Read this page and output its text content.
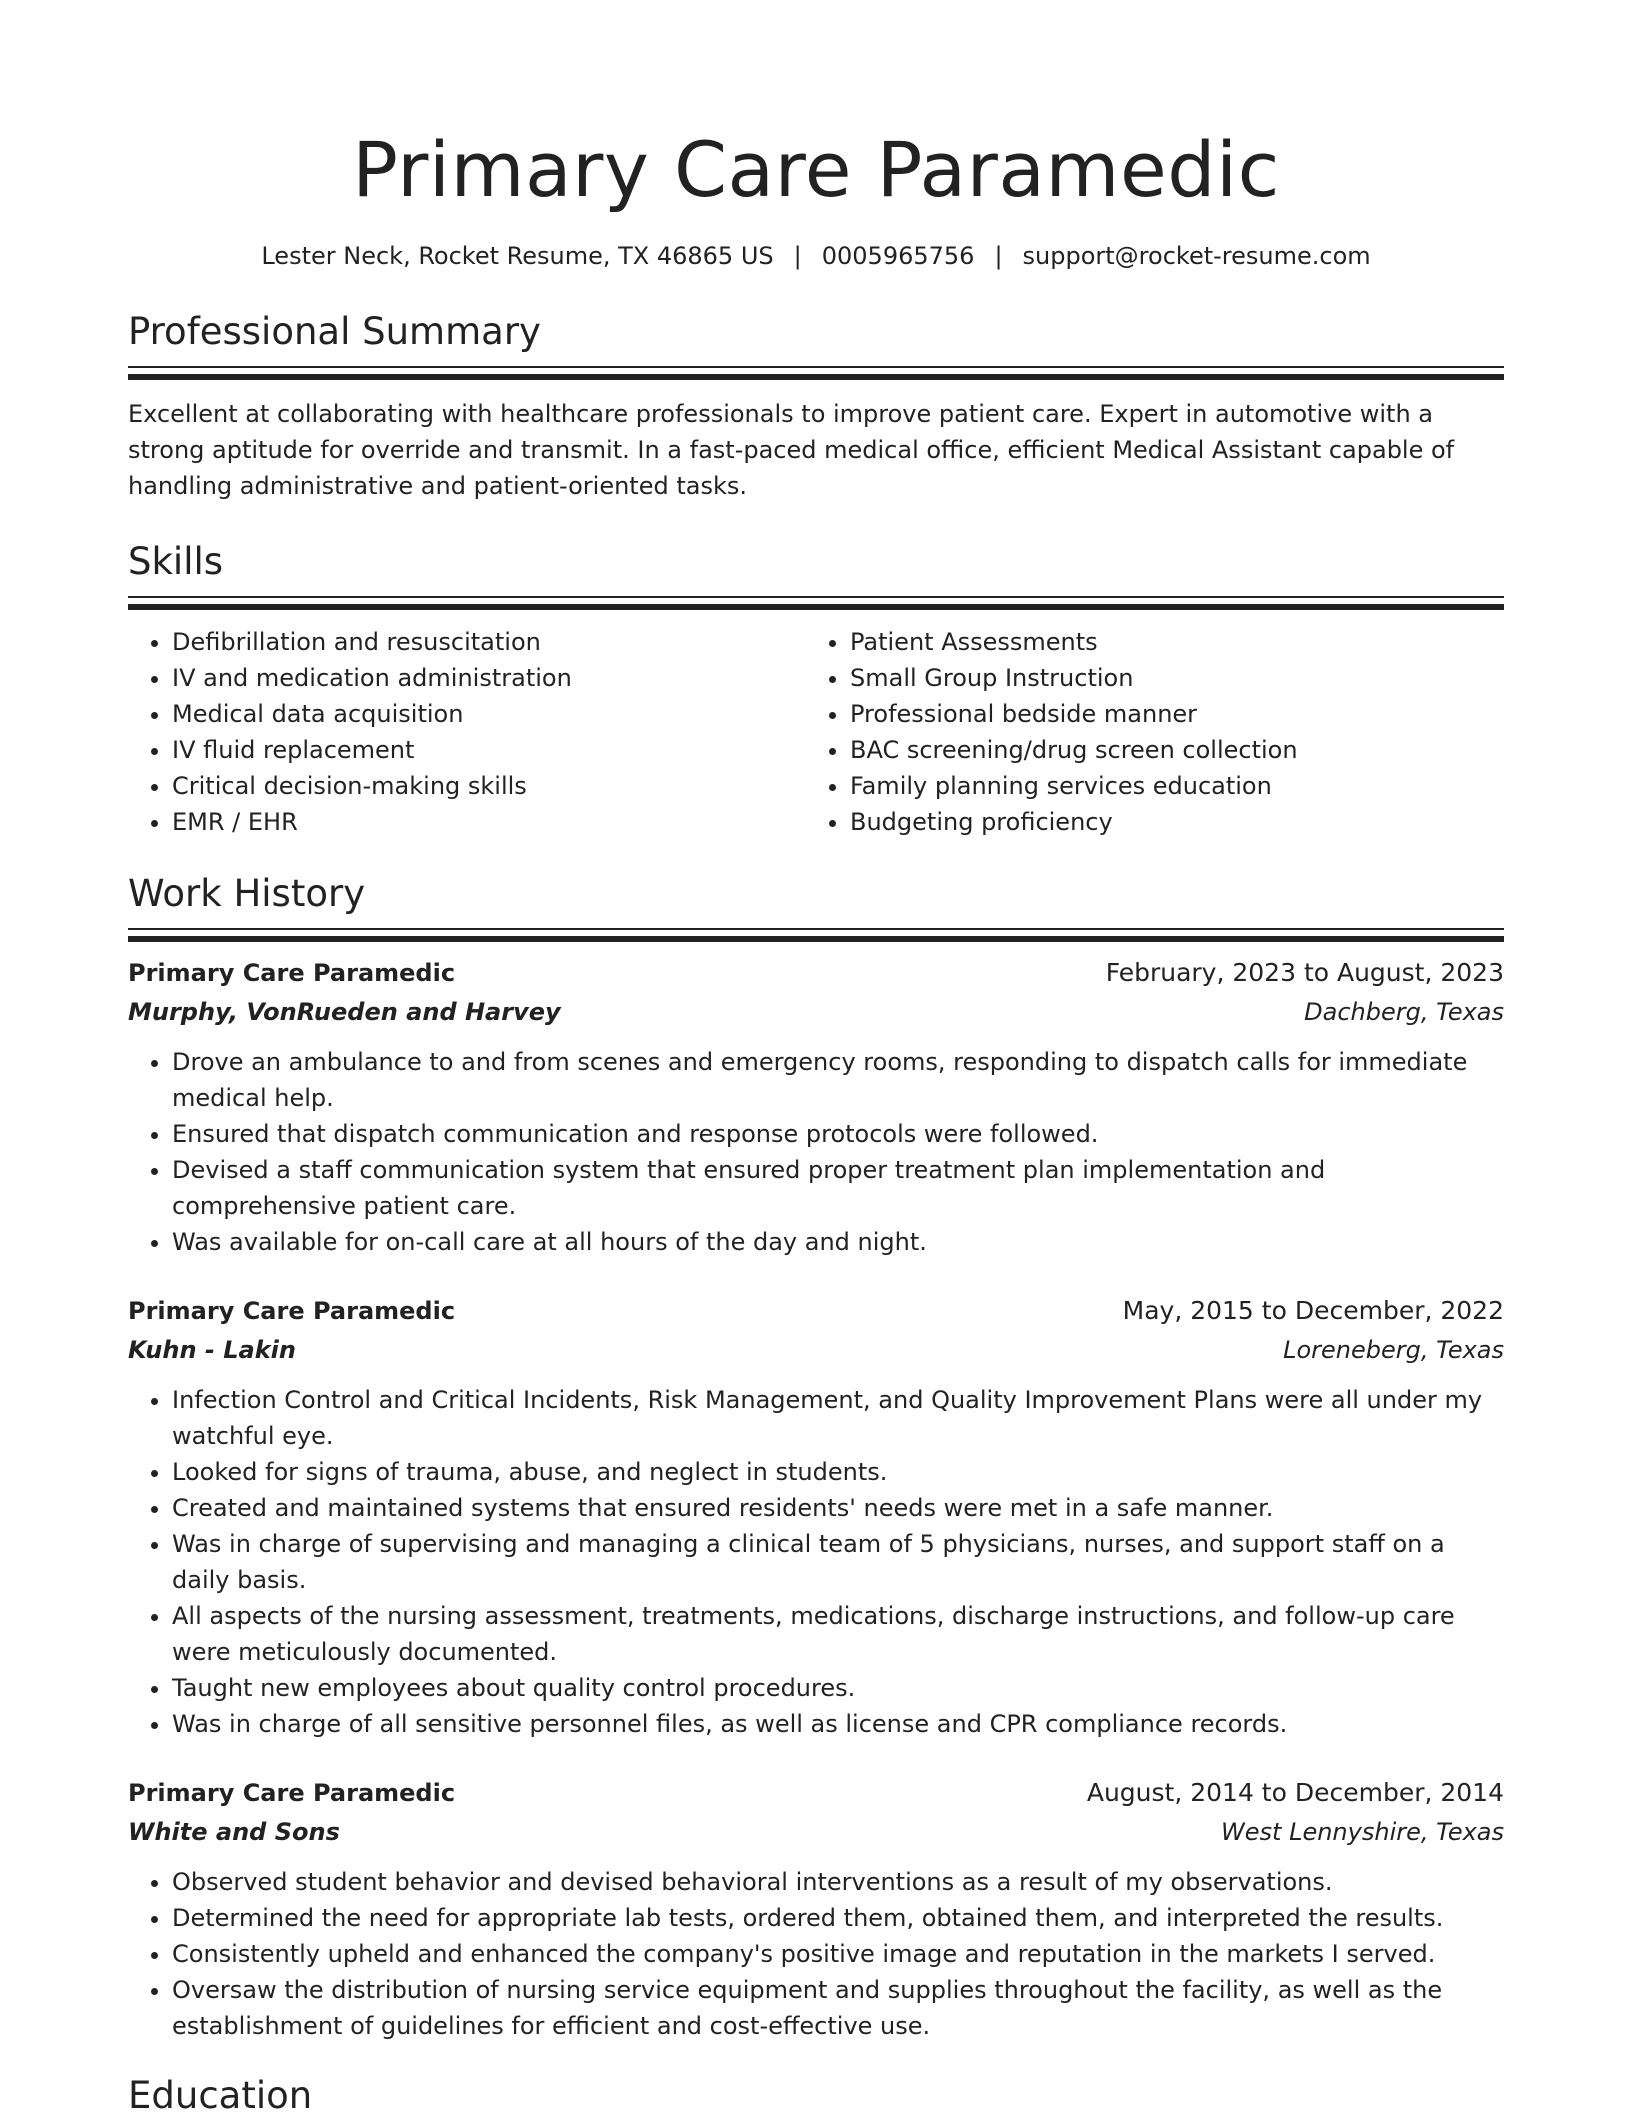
Primary Care Paramedic
Lester Neck, Rocket Resume, TX 46865 US | 0005965756 | support@rocket-resume.com
Professional Summary
Excellent at collaborating with healthcare professionals to improve patient care. Expert in automotive with a strong aptitude for override and transmit. In a fast-paced medical office, efficient Medical Assistant capable of handling administrative and patient-oriented tasks.
Skills
• Defibrillation and resuscitation
• IV and medication administration
• Medical data acquisition
• IV fluid replacement
• Critical decision-making skills
• EMR / EHR
• Patient Assessments
• Small Group Instruction
• Professional bedside manner
• BAC screening/drug screen collection
• Family planning services education
• Budgeting proficiency
Work History
Primary Care Paramedic	February, 2023 to August, 2023
Murphy, VonRueden and Harvey	Dachberg, Texas
• Drove an ambulance to and from scenes and emergency rooms, responding to dispatch calls for immediate medical help.
• Ensured that dispatch communication and response protocols were followed.
• Devised a staff communication system that ensured proper treatment plan implementation and comprehensive patient care.
• Was available for on-call care at all hours of the day and night.
Primary Care Paramedic	May, 2015 to December, 2022
Kuhn - Lakin	Loreneberg, Texas
• Infection Control and Critical Incidents, Risk Management, and Quality Improvement Plans were all under my watchful eye.
• Looked for signs of trauma, abuse, and neglect in students.
• Created and maintained systems that ensured residents' needs were met in a safe manner.
• Was in charge of supervising and managing a clinical team of 5 physicians, nurses, and support staff on a daily basis.
• All aspects of the nursing assessment, treatments, medications, discharge instructions, and follow-up care were meticulously documented.
• Taught new employees about quality control procedures.
• Was in charge of all sensitive personnel files, as well as license and CPR compliance records.
Primary Care Paramedic	August, 2014 to December, 2014
White and Sons	West Lennyshire, Texas
• Observed student behavior and devised behavioral interventions as a result of my observations.
• Determined the need for appropriate lab tests, ordered them, obtained them, and interpreted the results.
• Consistently upheld and enhanced the company's positive image and reputation in the markets I served.
• Oversaw the distribution of nursing service equipment and supplies throughout the facility, as well as the establishment of guidelines for efficient and cost-effective use.
Education
